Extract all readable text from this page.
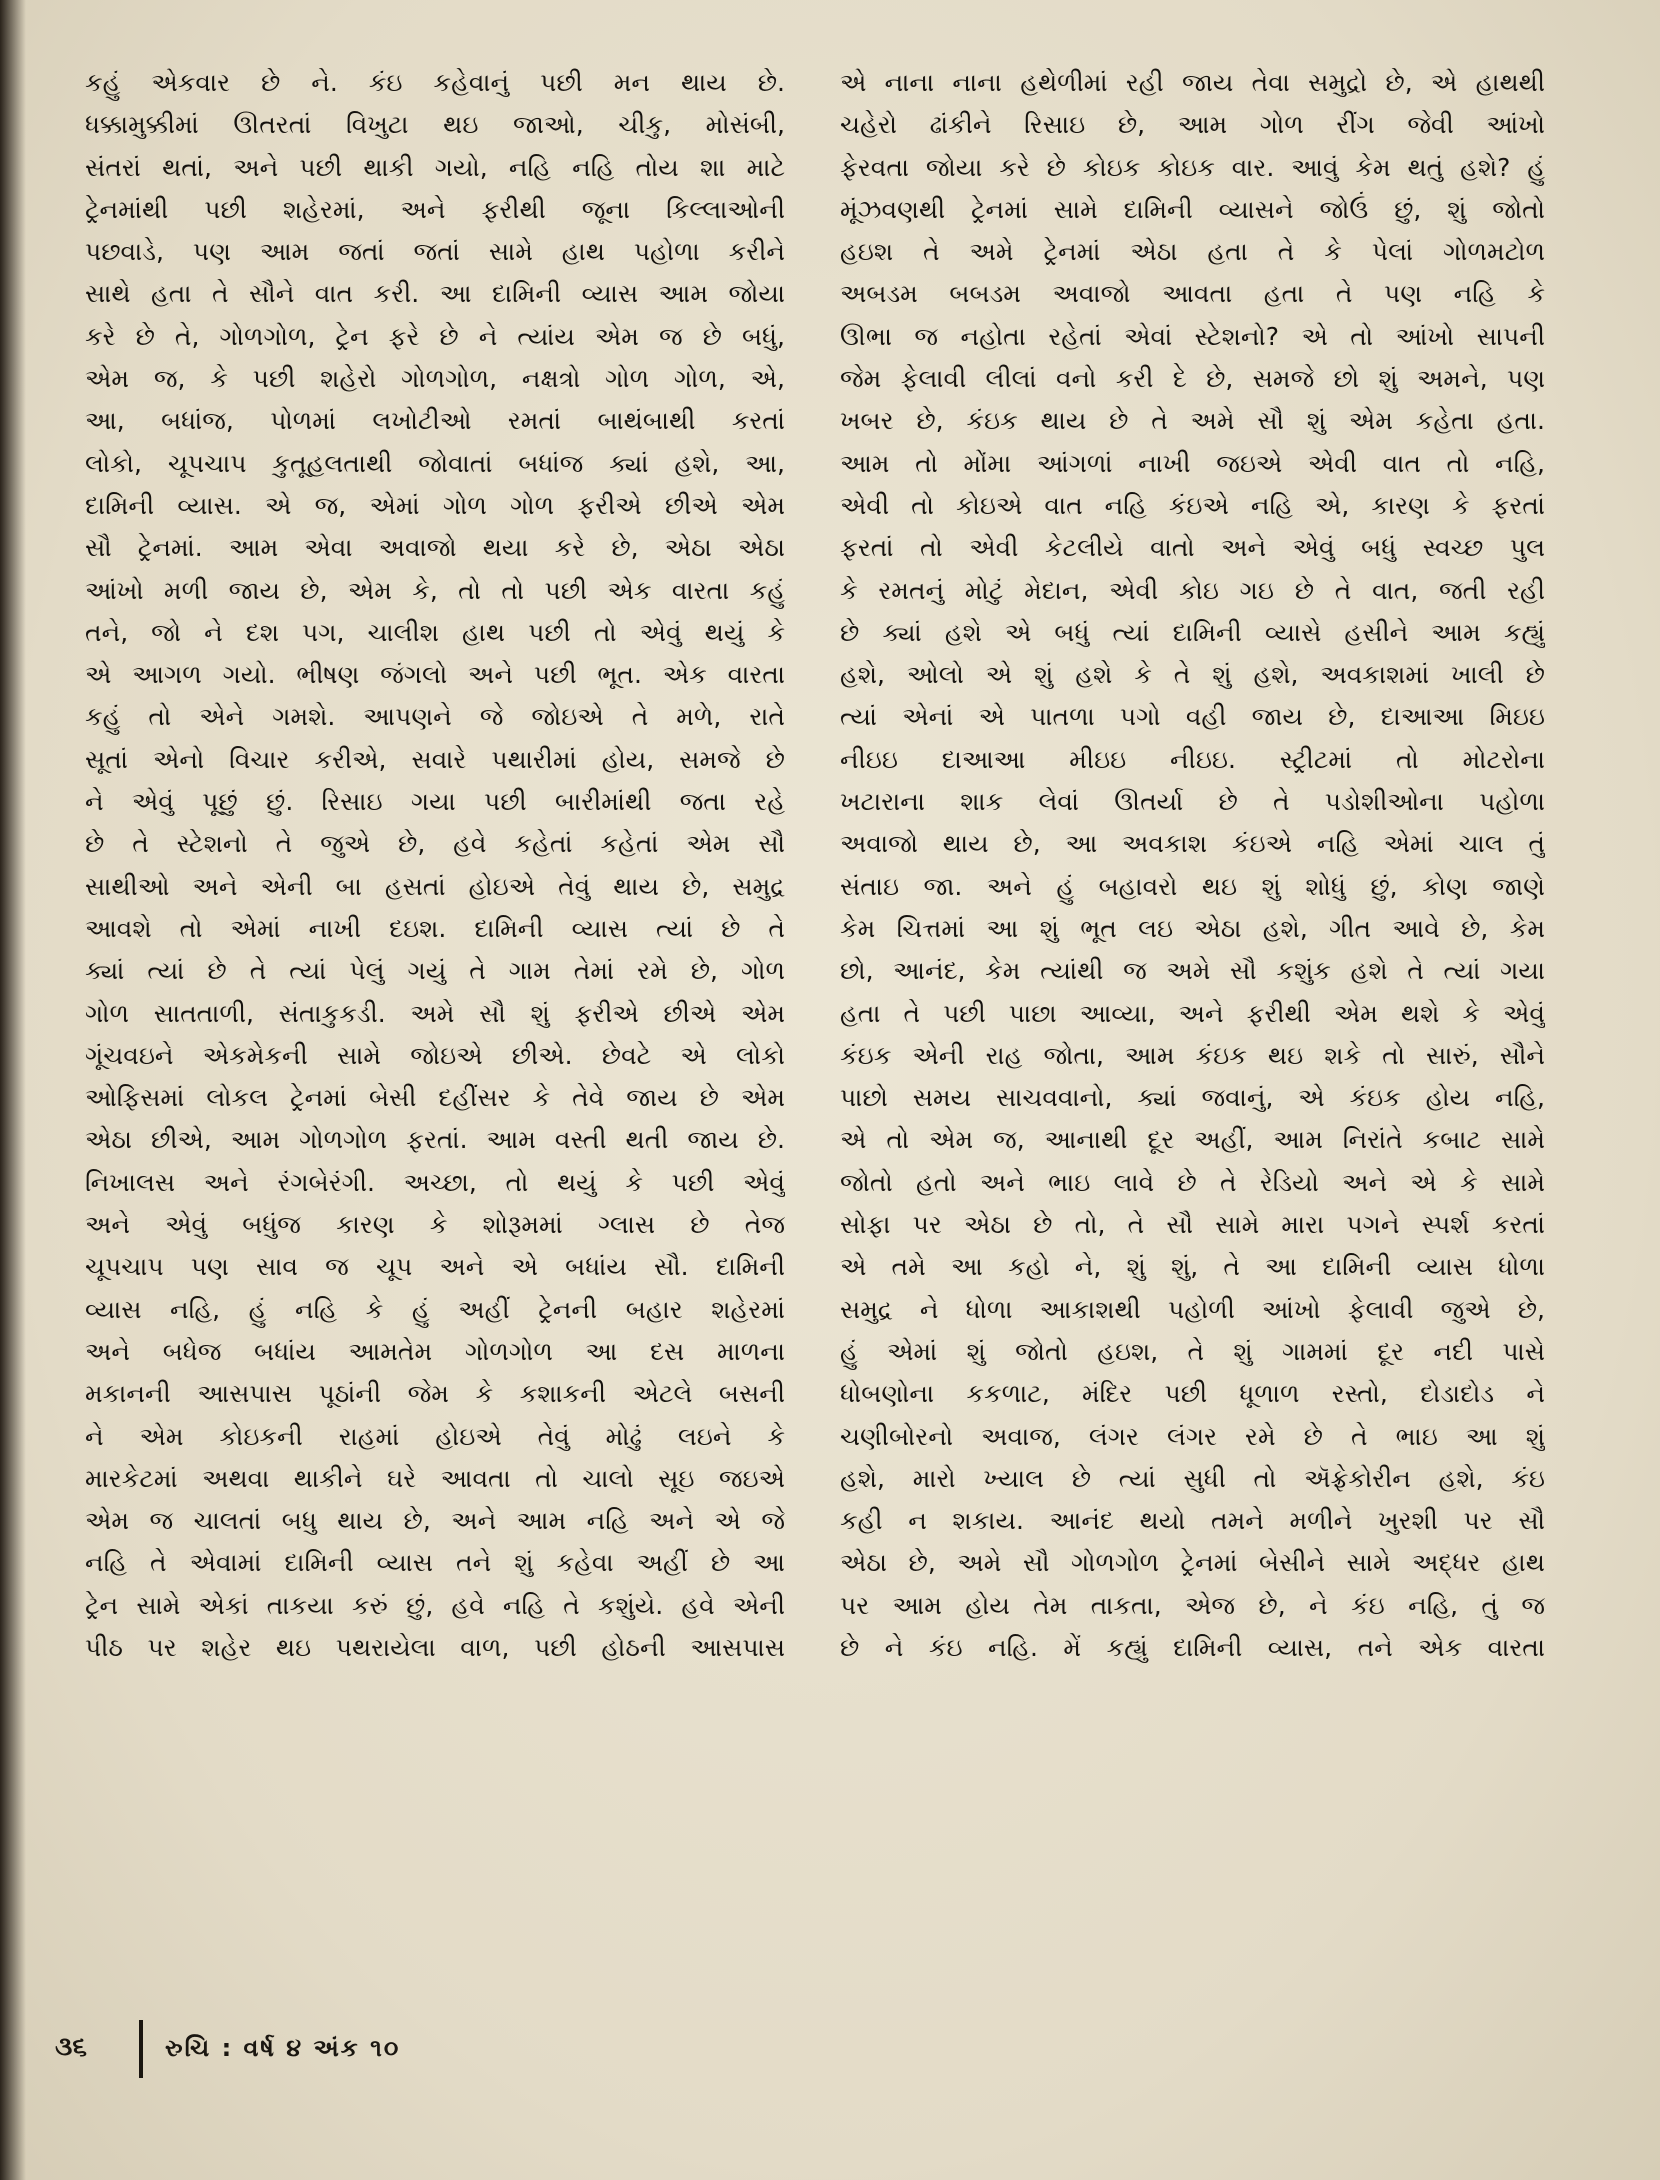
કહું એકવાર છે ને. કંઇ કહેવાનું પછી મન થાય છે.
ધક્કામુક્કીમાં ઊતરતાં વિખુટા થઇ જાઓ, ચીકુ, મોસંબી,
સંતરાં થતાં, અને પછી થાકી ગયો, નહિ નહિ તોય શા માટે
ટ્રેનમાંથી પછી શહેરમાં, અને ફરીથી જૂના કિલ્લાઓની
પછવાડે, પણ આમ જતાં જતાં સામે હાથ પહોળા કરીને
સાથે હતા તે સૌને વાત કરી. આ દામિની વ્યાસ આમ જોયા
કરે છે તે, ગોળગોળ, ટ્રેન ફરે છે ને ત્યાંય એમ જ છે બધું,
એમ જ, કે પછી શહેરો ગોળગોળ, નક્ષત્રો ગોળ ગોળ, એ,
આ, બધાંજ, પોળમાં લખોટીઓ રમતાં બાથંબાથી કરતાં
લોકો, ચૂપચાપ કુતૂહલતાથી જોવાતાં બધાંજ ક્યાં હશે, આ,
દામિની વ્યાસ. એ જ, એમાં ગોળ ગોળ ફરીએ છીએ એમ
સૌ ટ્રેનમાં. આમ એવા અવાજો થયા કરે છે, એઠા એઠા
આંખો મળી જાય છે, એમ કે, તો તો પછી એક વારતા કહું
તને, જો ને દશ પગ, ચાલીશ હાથ પછી તો એવું થયું કે
એ આગળ ગયો. ભીષણ જંગલો અને પછી ભૂત. એક વારતા
કહું તો એને ગમશે. આપણને જે જોઇએ તે મળે, રાતે
સૂતાં એનો વિચાર કરીએ, સવારે પથારીમાં હોય, સમજે છે
ને એવું પૂછું છું. રિસાઇ ગયા પછી બારીમાંથી જતા રહે
છે તે સ્ટેશનો તે જુએ છે, હવે કહેતાં કહેતાં એમ સૌ
સાથીઓ અને એની બા હસતાં હોઇએ તેવું થાય છે, સમુદ્ર
આવશે તો એમાં નાખી દઇશ. દામિની વ્યાસ ત્યાં છે તે
ક્યાં ત્યાં છે તે ત્યાં પેલું ગયું તે ગામ તેમાં રમે છે, ગોળ
ગોળ સાતતાળી, સંતાકુકડી. અમે સૌ શું ફરીએ છીએ એમ
ગૂંચવઇને એકમેકની સામે જોઇએ છીએ. છેવટે એ લોકો
ઓફિસમાં લોકલ ટ્રેનમાં બેસી દહીંસર કે તેવે જાય છે એમ
એઠા છીએ, આમ ગોળગોળ ફરતાં. આમ વસ્તી થતી જાય છે.
નિખાલસ અને રંગબેરંગી. અચ્છા, તો થયું કે પછી એવું
અને એવું બધુંજ કારણ કે શોરૂમમાં ગ્લાસ છે તેજ
ચૂપચાપ પણ સાવ જ ચૂપ અને એ બધાંય સૌ. દામિની
વ્યાસ નહિ, હું નહિ કે હું અહીં ટ્રેનની બહાર શહેરમાં
અને બધેજ બધાંય આમતેમ ગોળગોળ આ દસ માળના
મકાનની આસપાસ પૂઠાંની જેમ કે કશાકની એટલે બસની
ને એમ કોઇકની રાહમાં હોઇએ તેવું મોઢું લઇને કે
મારકેટમાં અથવા થાકીને ઘરે આવતા તો ચાલો સૂઇ જઇએ
એમ જ ચાલતાં બધુ થાય છે, અને આમ નહિ અને એ જે
નહિ તે એવામાં દામિની વ્યાસ તને શું કહેવા અહીં છે આ
ટ્રેન સામે એકાં તાકયા કરું છું, હવે નહિ તે કશુંયે. હવે એની
પીઠ પર શહેર થઇ પથરાયેલા વાળ, પછી હોઠની આસપાસ
એ નાના નાના હથેળીમાં રહી જાય તેવા સમુદ્રો છે, એ હાથથી
ચહેરો ઢાંકીને રિસાઇ છે, આમ ગોળ રીંગ જેવી આંખો
ફેરવતા જોયા કરે છે કોઇક કોઇક વાર. આવું કેમ થતું હશે? હું
મૂંઝવણથી ટ્રેનમાં સામે દામિની વ્યાસને જોઉં છું, શું જોતો
હઇશ તે અમે ટ્રેનમાં એઠા હતા તે કે પેલાં ગોળમટોળ
અબડમ બબડમ અવાજો આવતા હતા તે પણ નહિ કે
ઊભા જ નહોતા રહેતાં એવાં સ્ટેશનો? એ તો આંખો સાપની
જેમ ફેલાવી લીલાં વનો કરી દે છે, સમજે છો શું અમને, પણ
ખબર છે, કંઇક થાય છે તે અમે સૌ શું એમ કહેતા હતા.
આમ તો મોંમા આંગળાં નાખી જઇએ એવી વાત તો નહિ,
એવી તો કોઇએ વાત નહિ કંઇએ નહિ એ, કારણ કે ફરતાં
ફરતાં તો એવી કેટલીયે વાતો અને એવું બધું સ્વચ્છ પુલ
કે રમતનું મોટું મેદાન, એવી કોઇ ગઇ છે તે વાત, જતી રહી
છે ક્યાં હશે એ બધું ત્યાં દામિની વ્યાસે હસીને આમ કહ્યું
હશે, ઓલો એ શું હશે કે તે શું હશે, અવકાશમાં ખાલી છે
ત્યાં એનાં એ પાતળા પગો વહી જાય છે, દાઆઆ મિઇઇ
નીઇઇ દાઆઆ મીઇઇ નીઇઇ. સ્ટ્રીટમાં તો મોટરોના
ખટારાના શાક લેવાં ઊતર્યા છે તે પડોશીઓના પહોળા
અવાજો થાય છે, આ અવકાશ કંઇએ નહિ એમાં ચાલ તું
સંતાઇ જા. અને હું બહાવરો થઇ શું શોધું છું, કોણ જાણે
કેમ ચિત્તમાં આ શું ભૂત લઇ એઠા હશે, ગીત આવે છે, કેમ
છો, આનંદ, કેમ ત્યાંથી જ અમે સૌ કશુંક હશે તે ત્યાં ગયા
હતા તે પછી પાછા આવ્યા, અને ફરીથી એમ થશે કે એવું
કંઇક એની રાહ જોતા, આમ કંઇક થઇ શકે તો સારું, સૌને
પાછો સમય સાચવવાનો, ક્યાં જવાનું, એ કંઇક હોય નહિ,
એ તો એમ જ, આનાથી દૂર અહીં, આમ નિરાંતે કબાટ સામે
જોતો હતો અને ભાઇ લાવે છે તે રેડિયો અને એ કે સામે
સોફા પર એઠા છે તો, તે સૌ સામે મારા પગને સ્પર્શ કરતાં
એ તમે આ કહો ને, શું શું, તે આ દામિની વ્યાસ ધોળા
સમુદ્ર ને ધોળા આકાશથી પહોળી આંખો ફેલાવી જુએ છે,
હું એમાં શું જોતો હઇશ, તે શું ગામમાં દૂર નદી પાસે
ધોબણોના કકળાટ, મંદિર પછી ધૂળાળ રસ્તો, દોડાદોડ ને
ચણીબોરનો અવાજ, લંગર લંગર રમે છે તે ભાઇ આ શું
હશે, મારો ખ્યાલ છે ત્યાં સુધી તો ઍફ્રેકોરીન હશે, કંઇ
કહી ન શકાય. આનંદ થયો તમને મળીને ખુરશી પર સૌ
એઠા છે, અમે સૌ ગોળગોળ ટ્રેનમાં બેસીને સામે અદ્ધર હાથ
પર આમ હોય તેમ તાકતા, એજ છે, ને કંઇ નહિ, તું જ
છે ને કંઇ નહિ. મેં કહ્યું દામિની વ્યાસ, તને એક વારતા
૩૬	રુચિ : વર્ષ ૪ અંક ૧૦
